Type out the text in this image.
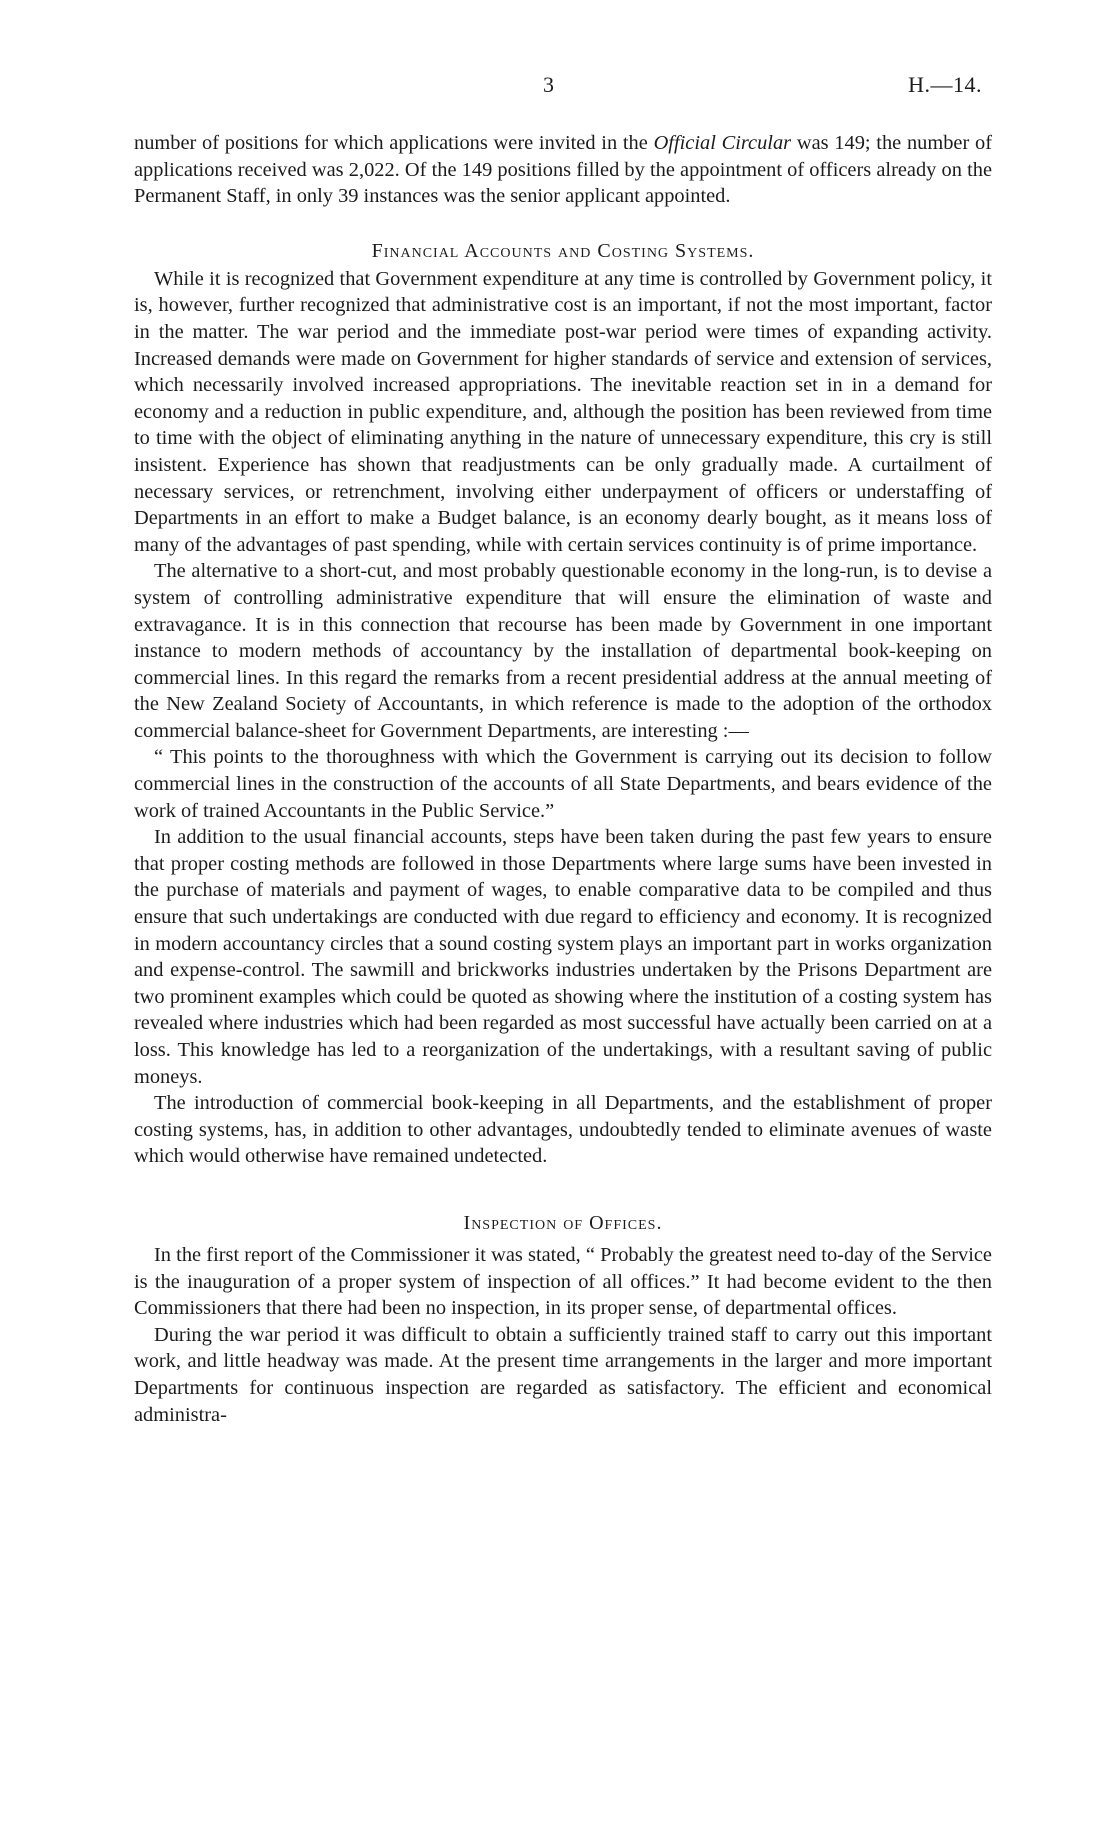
3	H.—14.

number of positions for which applications were invited in the Official Circular was 149; the number of applications received was 2,022. Of the 149 positions filled by the appointment of officers already on the Permanent Staff, in only 39 instances was the senior applicant appointed.

Financial Accounts and Costing Systems.

While it is recognized that Government expenditure at any time is controlled by Government policy, it is, however, further recognized that administrative cost is an important, if not the most important, factor in the matter. The war period and the immediate post-war period were times of expanding activity. Increased demands were made on Government for higher standards of service and extension of services, which necessarily involved increased appropriations. The inevitable reaction set in in a demand for economy and a reduction in public expenditure, and, although the position has been reviewed from time to time with the object of eliminating anything in the nature of unnecessary expenditure, this cry is still insistent. Experience has shown that readjustments can be only gradually made. A curtailment of necessary services, or retrenchment, involving either underpayment of officers or understaffing of Departments in an effort to make a Budget balance, is an economy dearly bought, as it means loss of many of the advantages of past spending, while with certain services continuity is of prime importance.

The alternative to a short-cut, and most probably questionable economy in the long-run, is to devise a system of controlling administrative expenditure that will ensure the elimination of waste and extravagance. It is in this connection that recourse has been made by Government in one important instance to modern methods of accountancy by the installation of departmental book-keeping on commercial lines. In this regard the remarks from a recent presidential address at the annual meeting of the New Zealand Society of Accountants, in which reference is made to the adoption of the orthodox commercial balance-sheet for Government Departments, are interesting :—

“ This points to the thoroughness with which the Government is carrying out its decision to follow commercial lines in the construction of the accounts of all State Departments, and bears evidence of the work of trained Accountants in the Public Service.”

In addition to the usual financial accounts, steps have been taken during the past few years to ensure that proper costing methods are followed in those Departments where large sums have been invested in the purchase of materials and payment of wages, to enable comparative data to be compiled and thus ensure that such undertakings are conducted with due regard to efficiency and economy. It is recognized in modern accountancy circles that a sound costing system plays an important part in works organization and expense-control. The sawmill and brickworks industries undertaken by the Prisons Department are two prominent examples which could be quoted as showing where the institution of a costing system has revealed where industries which had been regarded as most successful have actually been carried on at a loss. This knowledge has led to a reorganization of the undertakings, with a resultant saving of public moneys.

The introduction of commercial book-keeping in all Departments, and the establishment of proper costing systems, has, in addition to other advantages, undoubtedly tended to eliminate avenues of waste which would otherwise have remained undetected.

Inspection of Offices.

In the first report of the Commissioner it was stated, “ Probably the greatest need to-day of the Service is the inauguration of a proper system of inspection of all offices.” It had become evident to the then Commissioners that there had been no inspection, in its proper sense, of departmental offices.

During the war period it was difficult to obtain a sufficiently trained staff to carry out this important work, and little headway was made. At the present time arrangements in the larger and more important Departments for continuous inspection are regarded as satisfactory. The efficient and economical administra-
